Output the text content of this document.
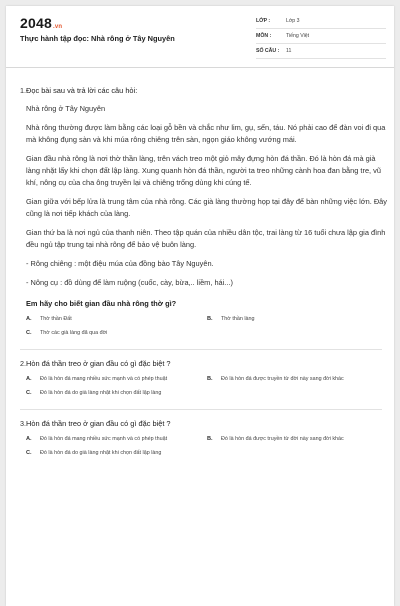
2048.vn
Thực hành tập đọc: Nhà rông ở Tây Nguyên
LỚP :	Lớp 3
MÔN :	Tiếng Việt
SỐ CÂU :	11
1. Đọc bài sau và trả lời các câu hỏi:
Nhà rông ở Tây Nguyên
Nhà rông thường được làm bằng các loại gỗ bền và chắc như lim, gụ, sến, táu. Nó phải cao để đàn voi đi qua mà không đụng sàn và khi múa rông chiêng trên sàn, ngọn giáo không vướng mái.
Gian đầu nhà rông là nơi thờ thần làng, trên vách treo một giỏ mây đựng hòn đá thần. Đó là hòn đá mà già làng nhặt lấy khi chọn đất lập làng. Xung quanh hòn đá thần, người ta treo những cành hoa đan bằng tre, vũ khí, nông cụ của cha ông truyền lại và chiêng trống dùng khi cúng tế.
Gian giữa với bếp lửa là trung tâm của nhà rông. Các già làng thường họp tại đây để bàn những việc lớn. Đây cũng là nơi tiếp khách của làng.
Gian thứ ba là nơi ngủ của thanh niên. Theo tập quán của nhiều dân tộc, trai làng từ 16 tuổi chưa lập gia đình đều ngủ tập trung tại nhà rông để bảo vệ buôn làng.
- Rông chiêng : một điệu múa của đồng bào Tây Nguyên.
- Nông cụ : đồ dùng để làm ruộng (cuốc, cày, bừa,.. liềm, hái...)
Em hãy cho biết gian đầu nhà rông thờ gì?
A.	Thờ thần Đất	B.	Thờ thần làng
C.	Thờ các già làng đã qua đời
2. Hòn đá thần treo ở gian đầu có gì đặc biệt ?
A.	Đó là hòn đá mang nhiều sức mạnh và có phép thuật	B.	Đó là hòn đá được truyền từ đời này sang đời khác
C.	Đó là hòn đá do già làng nhặt khi chọn đất lập làng
3. Hòn đá thần treo ở gian đầu có gì đặc biệt ?
A.	Đó là hòn đá mang nhiều sức mạnh và có phép thuật	B.	Đó là hòn đá được truyền từ đời này sang đời khác
C.	Đó là hòn đá do già làng nhặt khi chọn đất lập làng
